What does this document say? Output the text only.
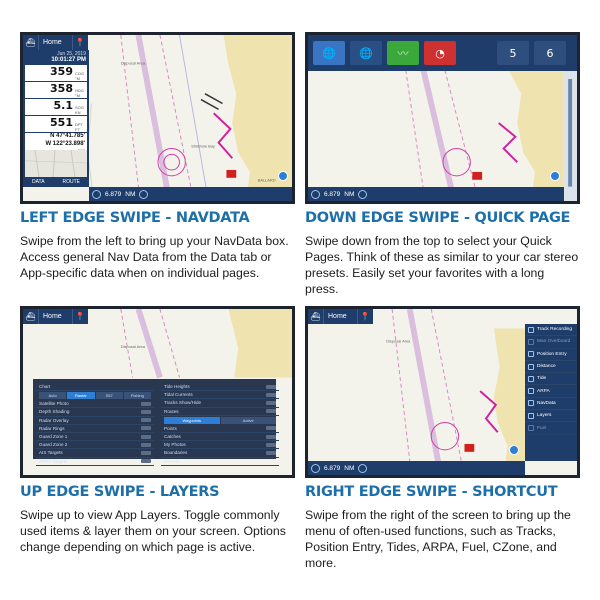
Disposal Area
Shilshole Bay
BALLARD
⛴	Home	📍
Jun 25, 2019
10:01:27 PM
359 COG °M
358 HDG °M
5.1 SOG KN
551 DPT FT
N 47°41.785'
W 122°23.898'
DATA	ROUTE
6.879 NM
LEFT EDGE SWIPE - NAVDATA
Swipe from the left to bring up your NavData box. Access general Nav Data from the Data tab or App-specific data when on individual pages.
🌐 🌐 〰 ◔	5	6
6.879 NM
DOWN EDGE SWIPE - QUICK PAGE
Swipe down from the top to select your Quick Pages. Think of these as similar to your car stereo presets. Easily set your favorites with a long press.
Disposal Area
⛴	Home	📍
Chart
Auto	Raster	S57	Fishing
Satellite Photo
Depth Shading
Radar Overlay
Radar Rings
Guard Zone 1
Guard Zone 2
AIS Targets
ARPA Targets
Tide Heights
Tidal Currents
Tracks Show/Hide
Routes
Waypoints	Active
Points
Catches
My Photos
Boundaries
Presets
UP EDGE SWIPE - LAYERS
Swipe up to view App Layers. Toggle commonly used items & layer them on your screen. Options change depending on which page is active.
Disposal Area
⛴	Home	📍
Track Recording
Man Overboard
Position Entry
Distance
Tide
ARPA
NavData
Layers
Fuel
6.879 NM
RIGHT EDGE SWIPE - SHORTCUT
Swipe from the right of the screen to bring up the menu of often-used functions, such as Tracks, Position Entry, Tides, ARPA, Fuel, CZone, and more.
